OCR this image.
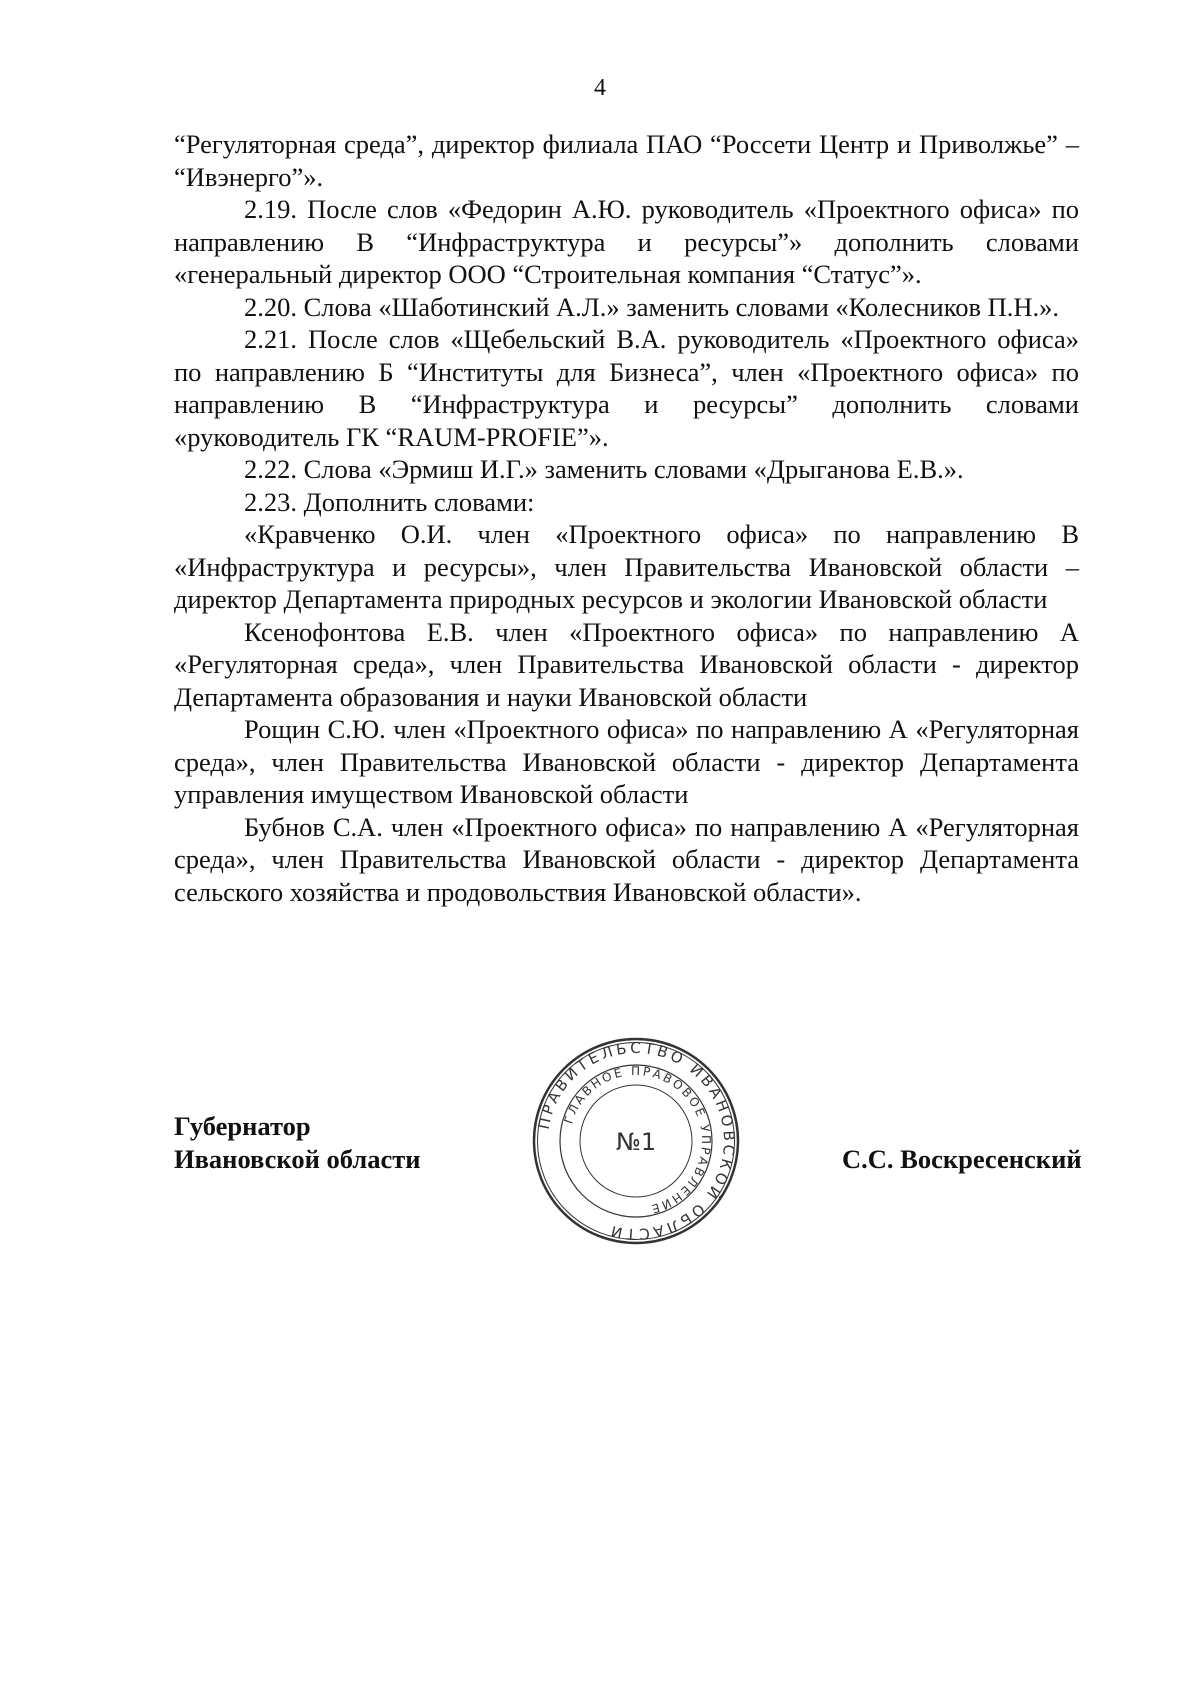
4

“Регуляторная среда”, директор филиала ПАО “Россети Центр и Приволжье” – “Ивэнерго”».

2.19. После слов «Федорин А.Ю. руководитель «Проектного офиса» по направлению В “Инфраструктура и ресурсы”» дополнить словами «генеральный директор ООО “Строительная компания “Статус”».

2.20. Слова «Шаботинский А.Л.» заменить словами «Колесников П.Н.».

2.21. После слов «Щебельский В.А. руководитель «Проектного офиса» по направлению Б “Институты для Бизнеса”, член «Проектного офиса» по направлению В “Инфраструктура и ресурсы” дополнить словами «руководитель ГК “RAUM-PROFIE”».

2.22. Слова «Эрмиш И.Г.» заменить словами «Дрыганова Е.В.».

2.23. Дополнить словами:

«Кравченко О.И. член «Проектного офиса» по направлению В «Инфраструктура и ресурсы», член Правительства Ивановской области – директор Департамента природных ресурсов и экологии Ивановской области

Ксенофонтова Е.В. член «Проектного офиса» по направлению А «Регуляторная среда», член Правительства Ивановской области - директор Департамента образования и науки Ивановской области

Рощин С.Ю. член «Проектного офиса» по направлению А «Регуляторная среда», член Правительства Ивановской области - директор Департамента управления имуществом Ивановской области

Бубнов С.А. член «Проектного офиса» по направлению А «Регуляторная среда», член Правительства Ивановской области - директор Департамента сельского хозяйства и продовольствия Ивановской области».

ПРАВИТЕЛЬСТВО ИВАНОВСКОЙ ОБЛАСТИ
ГЛАВНОЕ ПРАВОВОЕ УПРАВЛЕНИЕ
№1
Губернатор
Ивановской области	С.С. Воскресенский
